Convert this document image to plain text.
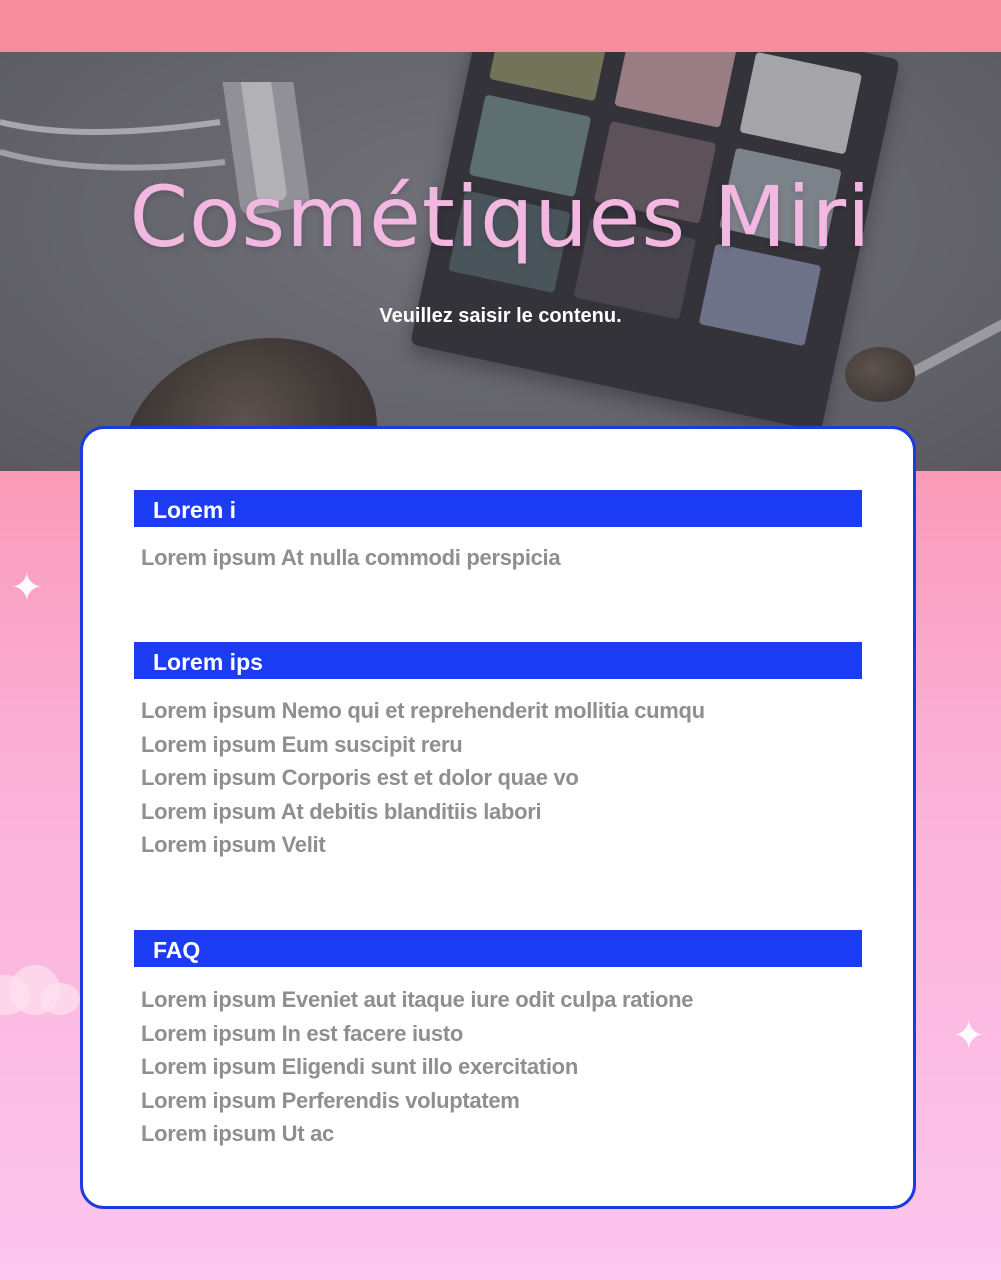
Cosmétiques Miri
Veuillez saisir le contenu.
✦
✦
Lorem i
Lorem ipsum At nulla commodi perspicia
Lorem ips
Lorem ipsum Nemo qui et reprehenderit mollitia cumqu
Lorem ipsum Eum suscipit reru
Lorem ipsum Corporis est et dolor quae vo
Lorem ipsum At debitis blanditiis labori
Lorem ipsum Velit
FAQ
Lorem ipsum Eveniet aut itaque iure odit culpa ratione
Lorem ipsum In est facere iusto
Lorem ipsum Eligendi sunt illo exercitation
Lorem ipsum Perferendis voluptatem
Lorem ipsum Ut ac
